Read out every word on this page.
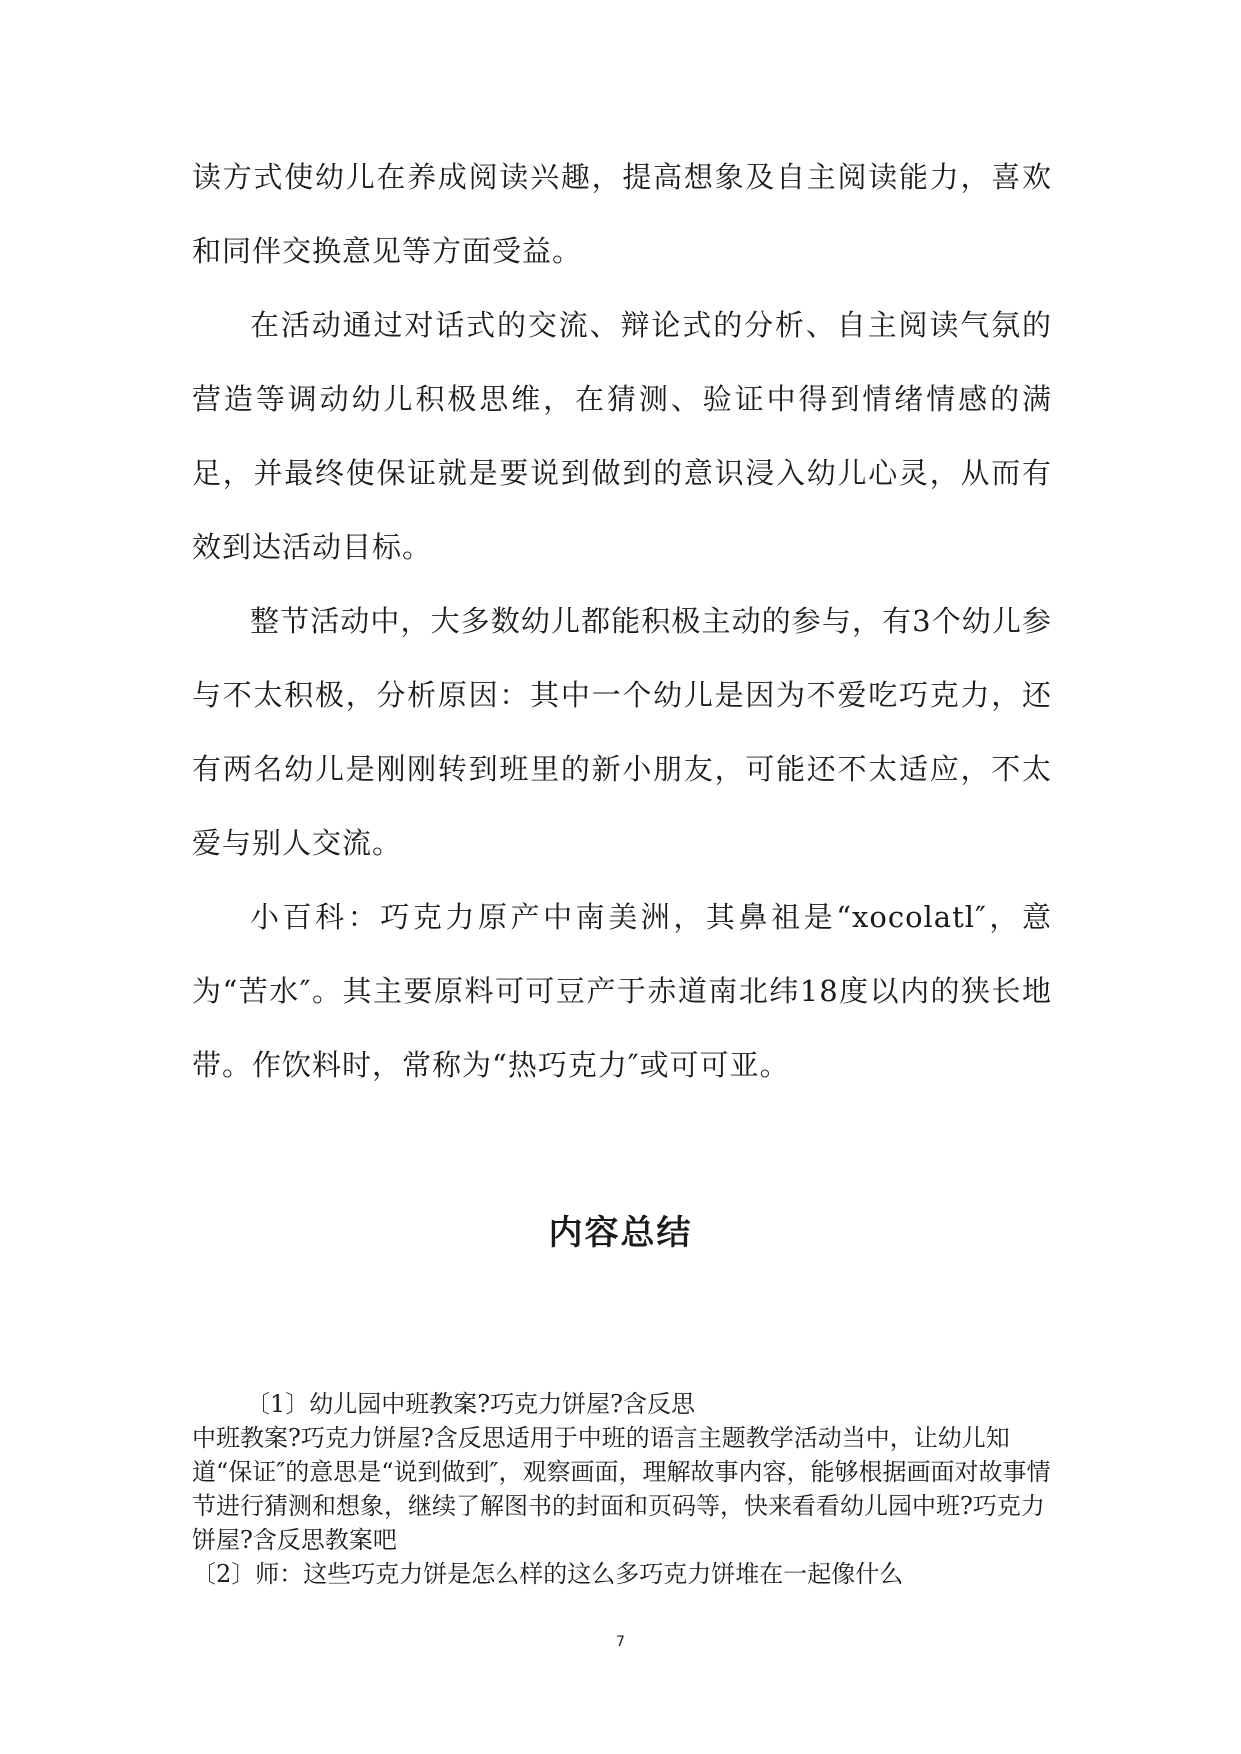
读方式使幼儿在养成阅读兴趣，提高想象及自主阅读能力，喜欢和同伴交换意见等方面受益。

在活动通过对话式的交流、辩论式的分析、自主阅读气氛的营造等调动幼儿积极思维，在猜测、验证中得到情绪情感的满足，并最终使保证就是要说到做到的意识浸入幼儿心灵，从而有效到达活动目标。

整节活动中，大多数幼儿都能积极主动的参与，有3个幼儿参与不太积极，分析原因：其中一个幼儿是因为不爱吃巧克力，还有两名幼儿是刚刚转到班里的新小朋友，可能还不太适应，不太爱与别人交流。

小百科：巧克力原产中南美洲，其鼻祖是“xocolatl″，意为“苦水″。其主要原料可可豆产于赤道南北纬18度以内的狭长地带。作饮料时，常称为“热巧克力″或可可亚。

内容总结

〔1〕幼儿园中班教案?巧克力饼屋?含反思

中班教案?巧克力饼屋?含反思适用于中班的语言主题教学活动当中，让幼儿知道“保证″的意思是“说到做到″，观察画面，理解故事内容，能够根据画面对故事情节进行猜测和想象，继续了解图书的封面和页码等，快来看看幼儿园中班?巧克力饼屋?含反思教案吧

〔2〕师：这些巧克力饼是怎么样的这么多巧克力饼堆在一起像什么

7
